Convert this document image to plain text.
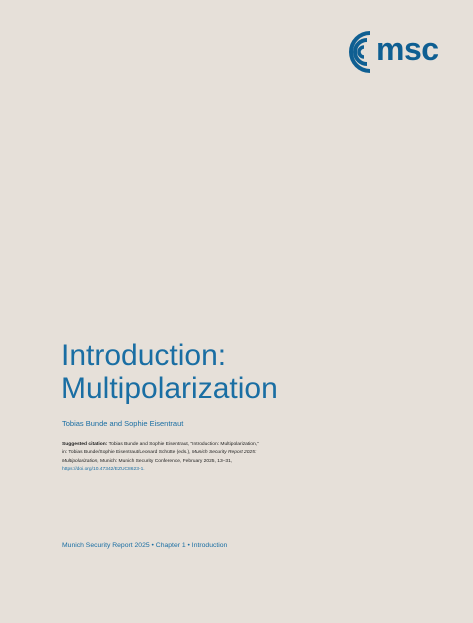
msc
Introduction:
Multipolarization
Tobias Bunde and Sophie Eisentraut
Suggested citation: Tobias Bunde and Sophie Eisentraut, “Introduction: Multipolarization,”
in: Tobias Bunde/Sophie Eisentraut/Leonard Schütte (eds.), Munich Security Report 2025:
Multipolarization, Munich: Munich Security Conference, February 2025, 13–31,
https://doi.org/10.47342/EZUC8623-1.
Munich Security Report 2025 • Chapter 1 • Introduction
